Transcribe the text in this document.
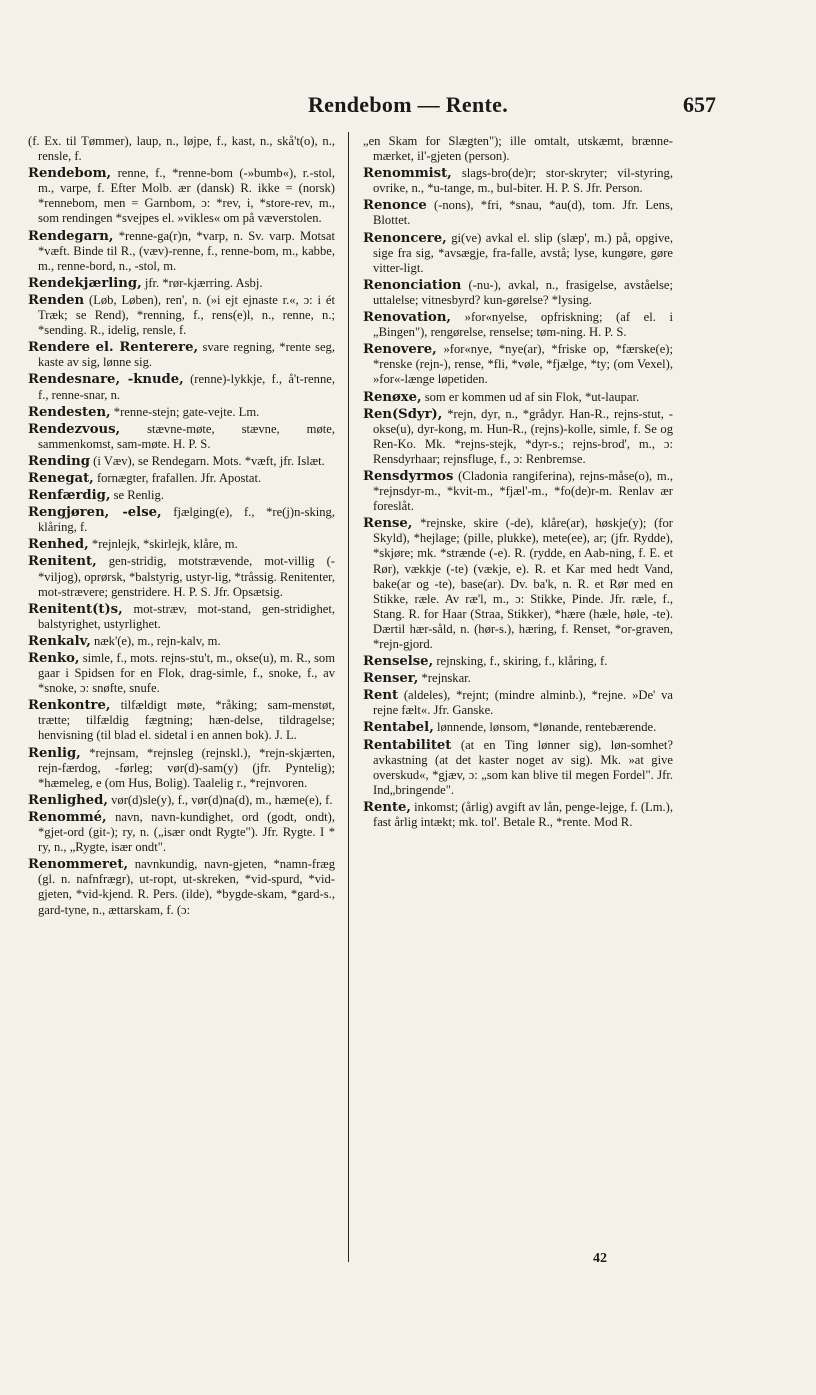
Rendebom — Rente.	657

(f. Ex. til Tømmer), laup, n., løjpe, f., kast, n., skå't(o), n., rensle, f.

Rendebom, renne, f., *renne-bom (-»bumb«), r.-stol, m., varpe, f. Efter Molb. ær (dansk) R. ikke = (norsk) *rennebom, men = Garnbom, ɔ: *rev, i, *store-rev, m., som rendingen *svejpes el. »vikles« om på væverstolen.

Rendegarn, *renne-ga(r)n, *varp, n. Sv. varp. Motsat *væft. Binde til R., (væv)-renne, f., renne-bom, m., kabbe, m., renne-bord, n., -stol, m.

Rendekjærling, jfr. *rør-kjærring. Asbj.

Renden (Løb, Løben), ren', n. (»i ejt ejnaste r.«, ɔ: i ét Træk; se Rend), *renning, f., rens(e)l, n., renne, n.; *sending. R., idelig, rensle, f.

Rendere el. Renterere, svare regning, *rente seg, kaste av sig, lønne sig.

Rendesnare, -knude, (renne)-lykkje, f., å't-renne, f., renne-snar, n.

Rendesten, *renne-stejn; gate-vejte. Lm.

Rendezvous, stævne-møte, stævne, møte, sammenkomst, sam-møte. H. P. S.

Rending (i Væv), se Rendegarn. Mots. *væft, jfr. Islæt.

Renegat, fornægter, frafallen. Jfr. Apostat.

Renfærdig, se Renlig.

Rengjøren, -else, fjælging(e), f., *re(j)n-sking, klåring, f.

Renhed, *rejnlejk, *skirlejk, klåre, m.

Renitent, gen-stridig, motstrævende, mot-villig (-*viljog), oprørsk, *balstyrig, ustyr-lig, *tråssig. Renitenter, mot-strævere; genstridere. H. P. S. Jfr. Opsætsig.

Renitent(t)s, mot-stræv, mot-stand, gen-stridighet, balstyrighet, ustyrlighet.

Renkalv, næk'(e), m., rejn-kalv, m.

Renko, simle, f., mots. rejns-stu't, m., okse(u), m. R., som gaar i Spidsen for en Flok, drag-simle, f., snoke, f., av *snoke, ɔ: snøfte, snufe.

Renkontre, tilfældigt møte, *råking; sam-menstøt, trætte; tilfældig fægtning; hæn-delse, tildragelse; henvisning (til blad el. sidetal i en annen bok). J. L.

Renlig, *rejnsam, *rejnsleg (rejnskl.), *rejn-skjærten, rejn-færdog, -førleg; vør(d)-sam(y) (jfr. Pyntelig); *hæmeleg, e (om Hus, Bolig). Taalelig r., *rejnvoren.

Renlighed, vør(d)sle(y), f., vør(d)na(d), m., hæme(e), f.

Renommé, navn, navn-kundighet, ord (godt, ondt), *gjet-ord (git-); ry, n. („især ondt Rygte"). Jfr. Rygte. I * ry, n., „Rygte, især ondt".

Renommeret, navnkundig, navn-gjeten, *namn-fræg (gl. n. nafnfrægr), ut-ropt, ut-skreken, *vid-spurd, *vid-gjeten, *vid-kjend. R. Pers. (ilde), *bygde-skam, *gard-s., gard-tyne, n., ættarskam, f. (ɔ:

„en Skam for Slægten"); ille omtalt, utskæmt, brænne-mærket, il'-gjeten (person).

Renommist, slags-bro(de)r; stor-skryter; vil-styring, ovrike, n., *u-tange, m., bul-biter. H. P. S. Jfr. Person.

Renonce (-nons), *fri, *snau, *au(d), tom. Jfr. Lens, Blottet.

Renoncere, gi(ve) avkal el. slip (slæp', m.) på, opgive, sige fra sig, *avsægje, fra-falle, avstå; lyse, kungøre, gøre vitter-ligt.

Renonciation (-nu-), avkal, n., frasigelse, avståelse; uttalelse; vitnesbyrd? kun-gørelse? *lysing.

Renovation, »for«nyelse, opfriskning; (af el. i „Bingen"), rengørelse, renselse; tøm-ning. H. P. S.

Renovere, »for«nye, *nye(ar), *friske op, *færske(e); *renske (rejn-), rense, *fli, *vøle, *fjælge, *ty; (om Vexel), »for«-længe løpetiden.

Renøxe, som er kommen ud af sin Flok, *ut-laupar.

Ren(Sdyr), *rejn, dyr, n., *grådyr. Han-R., rejns-stut, -okse(u), dyr-kong, m. Hun-R., (rejns)-kolle, simle, f. Se og Ren-Ko. Mk. *rejns-stejk, *dyr-s.; rejns-brod', m., ɔ: Rensdyrhaar; rejnsfluge, f., ɔ: Renbremse.

Rensdyrmos (Cladonia rangiferina), rejns-måse(o), m., *rejnsdyr-m., *kvit-m., *fjæl'-m., *fo(de)r-m. Renlav ær foreslåt.

Rense, *rejnske, skire (-de), klåre(ar), høskje(y); (for Skyld), *hejlage; (pille, plukke), mete(ee), ar; (jfr. Rydde), *skjøre; mk. *strænde (-e). R. (rydde, en Aab-ning, f. E. et Rør), vækkje (-te) (vækje, e). R. et Kar med hedt Vand, bake(ar og -te), base(ar). Dv. ba'k, n. R. et Rør med en Stikke, ræle. Av ræ'l, m., ɔ: Stikke, Pinde. Jfr. ræle, f., Stang. R. for Haar (Straa, Stikker), *hære (hæle, høle, -te). Dærtil hær-såld, n. (hør-s.), hæring, f. Renset, *or-graven, *rejn-gjord.

Renselse, rejnsking, f., skiring, f., klåring, f.

Renser, *rejnskar.

Rent (aldeles), *rejnt; (mindre alminb.), *rejne. »De' va rejne fælt«. Jfr. Ganske.

Rentabel, lønnende, lønsom, *lønande, rentebærende.

Rentabilitet (at en Ting lønner sig), løn-somhet? avkastning (at det kaster noget av sig). Mk. »at give overskud«, *gjæv, ɔ: „som kan blive til megen Fordel". Jfr. Ind„bringende".

Rente, inkomst; (årlig) avgift av lån, penge-lejge, f. (Lm.), fast årlig intækt; mk. tol'. Betale R., *rente. Mod R.

42
